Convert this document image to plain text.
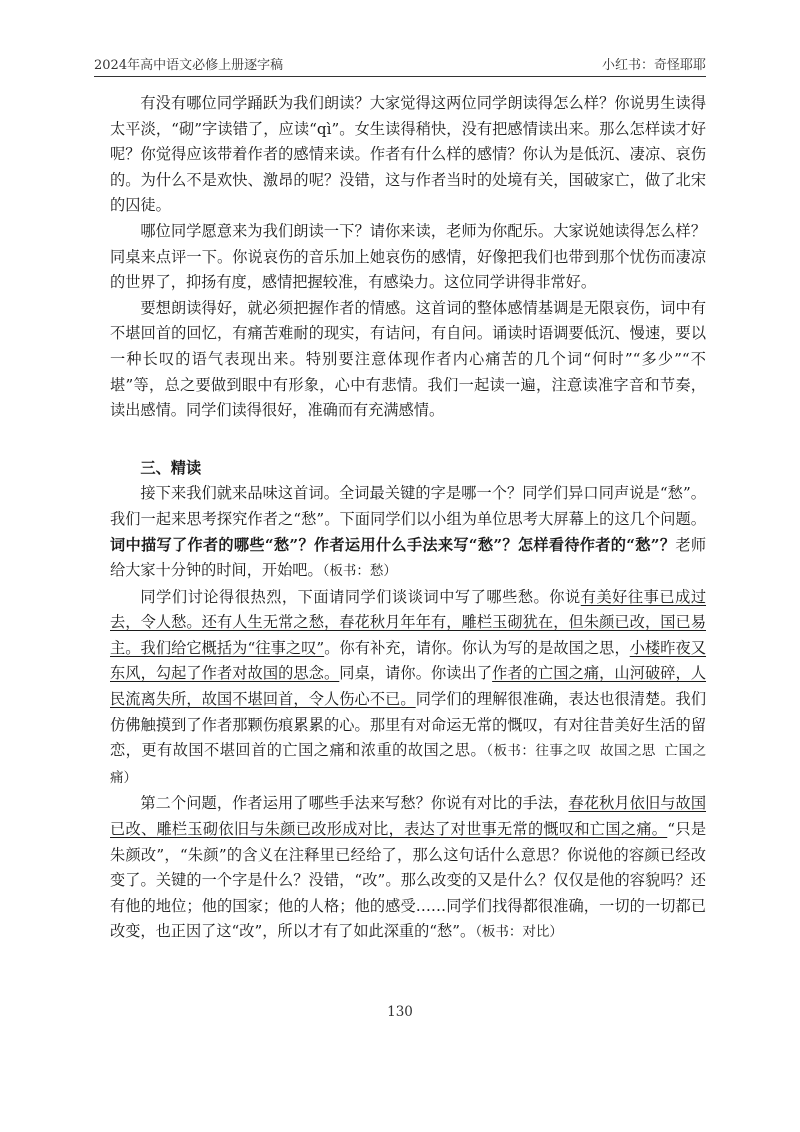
2024年高中语文必修上册逐字稿	小红书：奇怪耶耶

有没有哪位同学踊跃为我们朗读？大家觉得这两位同学朗读得怎么样？你说男生读得太平淡，“砌”字读错了，应读“qì”。女生读得稍快，没有把感情读出来。那么怎样读才好呢？你觉得应该带着作者的感情来读。作者有什么样的感情？你认为是低沉、凄凉、哀伤的。为什么不是欢快、激昂的呢？没错，这与作者当时的处境有关，国破家亡，做了北宋的囚徒。

哪位同学愿意来为我们朗读一下？请你来读，老师为你配乐。大家说她读得怎么样？同桌来点评一下。你说哀伤的音乐加上她哀伤的感情，好像把我们也带到那个忧伤而凄凉的世界了，抑扬有度，感情把握较准，有感染力。这位同学讲得非常好。

要想朗读得好，就必须把握作者的情感。这首词的整体感情基调是无限哀伤，词中有不堪回首的回忆，有痛苦难耐的现实，有诘问，有自问。诵读时语调要低沉、慢速，要以一种长叹的语气表现出来。特别要注意体现作者内心痛苦的几个词“何时”“多少”“不堪”等，总之要做到眼中有形象，心中有悲情。我们一起读一遍，注意读准字音和节奏，读出感情。同学们读得很好，准确而有充满感情。

三、精读

接下来我们就来品味这首词。全词最关键的字是哪一个？同学们异口同声说是“愁”。我们一起来思考探究作者之“愁”。下面同学们以小组为单位思考大屏幕上的这几个问题。词中描写了作者的哪些“愁”？作者运用什么手法来写“愁”？怎样看待作者的“愁”？老师给大家十分钟的时间，开始吧。（板书：愁）

同学们讨论得很热烈，下面请同学们谈谈词中写了哪些愁。你说有美好往事已成过去，令人愁。还有人生无常之愁，春花秋月年年有，雕栏玉砌犹在，但朱颜已改，国已易主。我们给它概括为“往事之叹”。你有补充，请你。你认为写的是故国之思，小楼昨夜又东风，勾起了作者对故国的思念。同桌，请你。你读出了作者的亡国之痛，山河破碎，人民流离失所，故国不堪回首，令人伤心不已。同学们的理解很准确，表达也很清楚。我们仿佛触摸到了作者那颗伤痕累累的心。那里有对命运无常的慨叹，有对往昔美好生活的留恋，更有故国不堪回首的亡国之痛和浓重的故国之思。（板书：往事之叹 故国之思 亡国之痛）

第二个问题，作者运用了哪些手法来写愁？你说有对比的手法，春花秋月依旧与故国已改、雕栏玉砌依旧与朱颜已改形成对比，表达了对世事无常的慨叹和亡国之痛。“只是朱颜改”，“朱颜”的含义在注释里已经给了，那么这句话什么意思？你说他的容颜已经改变了。关键的一个字是什么？没错，“改”。那么改变的又是什么？仅仅是他的容貌吗？还有他的地位；他的国家；他的人格；他的感受……同学们找得都很准确，一切的一切都已改变，也正因了这“改”，所以才有了如此深重的“愁”。（板书：对比）

130
